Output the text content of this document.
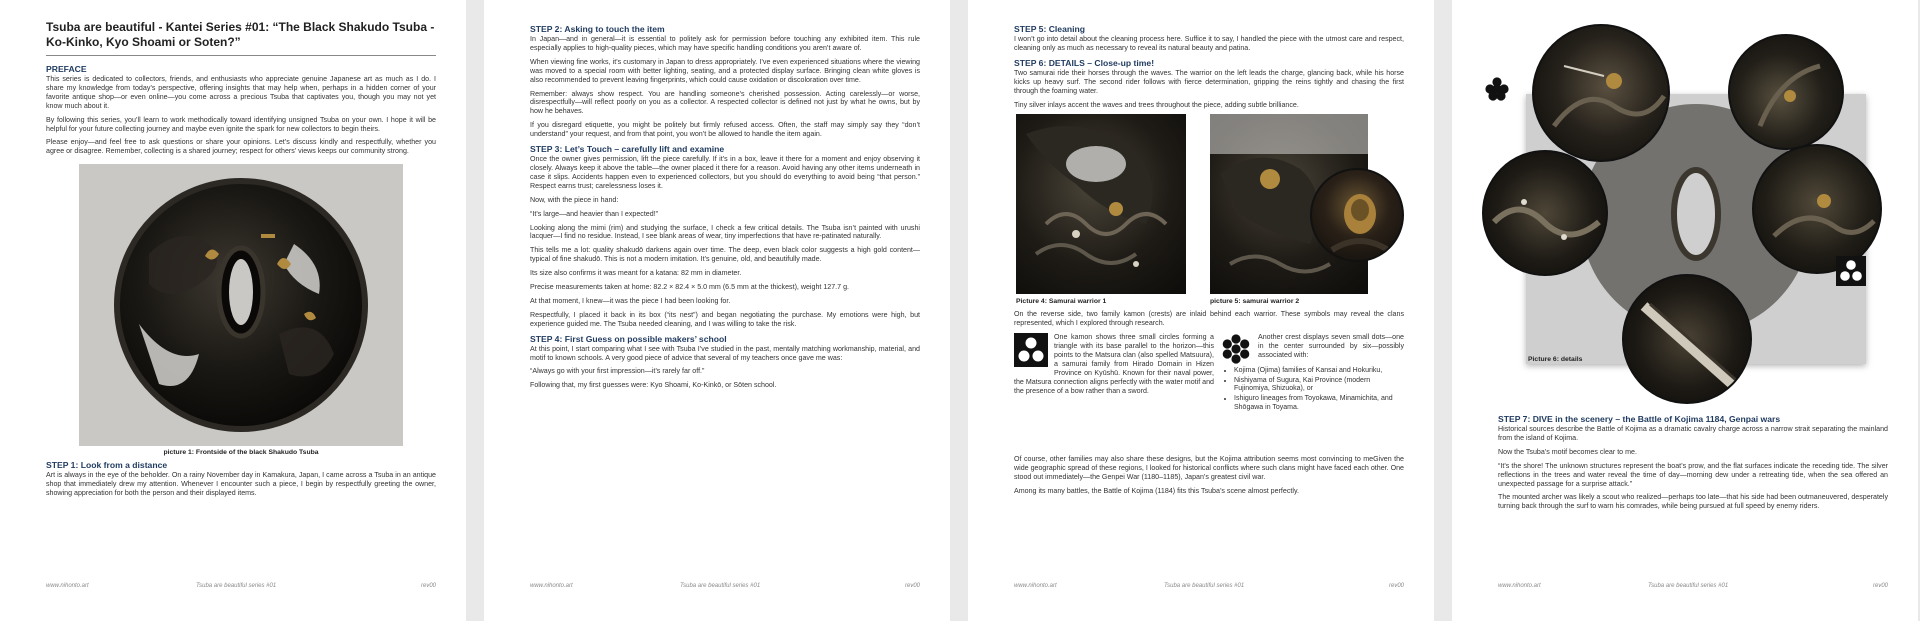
Tsuba are beautiful - Kantei Series #01: “The Black Shakudo Tsuba - Ko-Kinko, Kyo Shoami or Soten?”
PREFACE

This series is dedicated to collectors, friends, and enthusiasts who appreciate genuine Japanese art as much as I do. I share my knowledge from today’s perspective, offering insights that may help when, perhaps in a hidden corner of your favorite antique shop—or even online—you come across a precious Tsuba that captivates you, though you may not yet know much about it.

By following this series, you’ll learn to work methodically toward identifying unsigned Tsuba on your own. I hope it will be helpful for your future collecting journey and maybe even ignite the spark for new collectors to begin theirs.

Please enjoy—and feel free to ask questions or share your opinions. Let’s discuss kindly and respectfully, whether you agree or disagree. Remember, collecting is a shared journey; respect for others’ views keeps our community strong.

picture 1: Frontside of the black Shakudo Tsuba
STEP 1: Look from a distance

Art is always in the eye of the beholder. On a rainy November day in Kamakura, Japan, I came across a Tsuba in an antique shop that immediately drew my attention. Whenever I encounter such a piece, I begin by respectfully greeting the owner, showing appreciation for both the person and their displayed items.

www.nihonto.art	Tsuba are beautiful series #01	rev00
STEP 2: Asking to touch the item

In Japan—and in general—it is essential to politely ask for permission before touching any exhibited item. This rule especially applies to high-quality pieces, which may have specific handling conditions you aren’t aware of.

When viewing fine works, it’s customary in Japan to dress appropriately. I’ve even experienced situations where the viewing was moved to a special room with better lighting, seating, and a protected display surface. Bringing clean white gloves is also recommended to prevent leaving fingerprints, which could cause oxidation or discoloration over time.

Remember: always show respect. You are handling someone’s cherished possession. Acting carelessly—or worse, disrespectfully—will reflect poorly on you as a collector. A respected collector is defined not just by what he owns, but by how he behaves.

If you disregard etiquette, you might be politely but firmly refused access. Often, the staff may simply say they “don’t understand” your request, and from that point, you won’t be allowed to handle the item again.

STEP 3: Let’s Touch – carefully lift and examine

Once the owner gives permission, lift the piece carefully. If it’s in a box, leave it there for a moment and enjoy observing it closely. Always keep it above the table—the owner placed it there for a reason. Avoid having any other items underneath in case it slips. Accidents happen even to experienced collectors, but you should do everything to avoid being “that person.” Respect earns trust; carelessness loses it.

Now, with the piece in hand:

“It’s large—and heavier than I expected!”

Looking along the mimi (rim) and studying the surface, I check a few critical details. The Tsuba isn’t painted with urushi lacquer—I find no residue. Instead, I see blank areas of wear, tiny imperfections that have re-patinated naturally.

This tells me a lot: quality shakudō darkens again over time. The deep, even black color suggests a high gold content—typical of fine shakudō. This is not a modern imitation. It’s genuine, old, and beautifully made.

Its size also confirms it was meant for a katana: 82 mm in diameter.

Precise measurements taken at home: 82.2 × 82.4 × 5.0 mm (6.5 mm at the thickest), weight 127.7 g.

At that moment, I knew—it was the piece I had been looking for.

Respectfully, I placed it back in its box (“its nest”) and began negotiating the purchase. My emotions were high, but experience guided me. The Tsuba needed cleaning, and I was willing to take the risk.

STEP 4: First Guess on possible makers’ school

At this point, I start comparing what I see with Tsuba I’ve studied in the past, mentally matching workmanship, material, and motif to known schools. A very good piece of advice that several of my teachers once gave me was:

“Always go with your first impression—it’s rarely far off.”

Following that, my first guesses were: Kyo Shoami, Ko-Kinkō, or Sōten school.

www.nihonto.art	Tsuba are beautiful series #01	rev00
STEP 5: Cleaning

I won’t go into detail about the cleaning process here. Suffice it to say, I handled the piece with the utmost care and respect, cleaning only as much as necessary to reveal its natural beauty and patina.

STEP 6: DETAILS – Close-up time!

Two samurai ride their horses through the waves. The warrior on the left leads the charge, glancing back, while his horse kicks up heavy surf. The second rider follows with fierce determination, gripping the reins tightly and chasing the first through the foaming water.

Tiny silver inlays accent the waves and trees throughout the piece, adding subtle brilliance.

Picture 4: Samurai warrior 1	picture 5: samurai warrior 2

On the reverse side, two family kamon (crests) are inlaid behind each warrior. These symbols may reveal the clans represented, which I explored through research.

One kamon shows three small circles forming a triangle with its base parallel to the horizon—this points to the Matsura clan (also spelled Matsuura), a samurai family from Hirado Domain in Hizen Province on Kyūshū. Known for their naval power, the Matsura connection aligns perfectly with the water motif and the presence of a bow rather than a sword.

Another crest displays seven small dots—one in the center surrounded by six—possibly associated with:

• Kojima (Ojima) families of Kansai and Hokuriku,
• Nishiyama of Sugura, Kai Province (modern Fujinomiya, Shizuoka), or
• Ishiguro lineages from Toyokawa, Minamichita, and Shōgawa in Toyama.

Of course, other families may also share these designs, but the Kojima attribution seems most convincing to meGiven the wide geographic spread of these regions, I looked for historical conflicts where such clans might have faced each other. One stood out immediately—the Genpei War (1180–1185), Japan’s greatest civil war.

Among its many battles, the Battle of Kojima (1184) fits this Tsuba’s scene almost perfectly.

www.nihonto.art	Tsuba are beautiful series #01	rev00
Picture 6: details
STEP 7: DIVE in the scenery – the Battle of Kojima 1184, Genpai wars

Historical sources describe the Battle of Kojima as a dramatic cavalry charge across a narrow strait separating the mainland from the island of Kojima.

Now the Tsuba’s motif becomes clear to me.

“It’s the shore! The unknown structures represent the boat’s prow, and the flat surfaces indicate the receding tide. The silver reflections in the trees and water reveal the time of day—morning dew under a retreating tide, when the sea offered an unexpected passage for a surprise attack.”

The mounted archer was likely a scout who realized—perhaps too late—that his side had been outmaneuvered, desperately turning back through the surf to warn his comrades, while being pursued at full speed by enemy riders.

www.nihonto.art	Tsuba are beautiful series #01	rev00
